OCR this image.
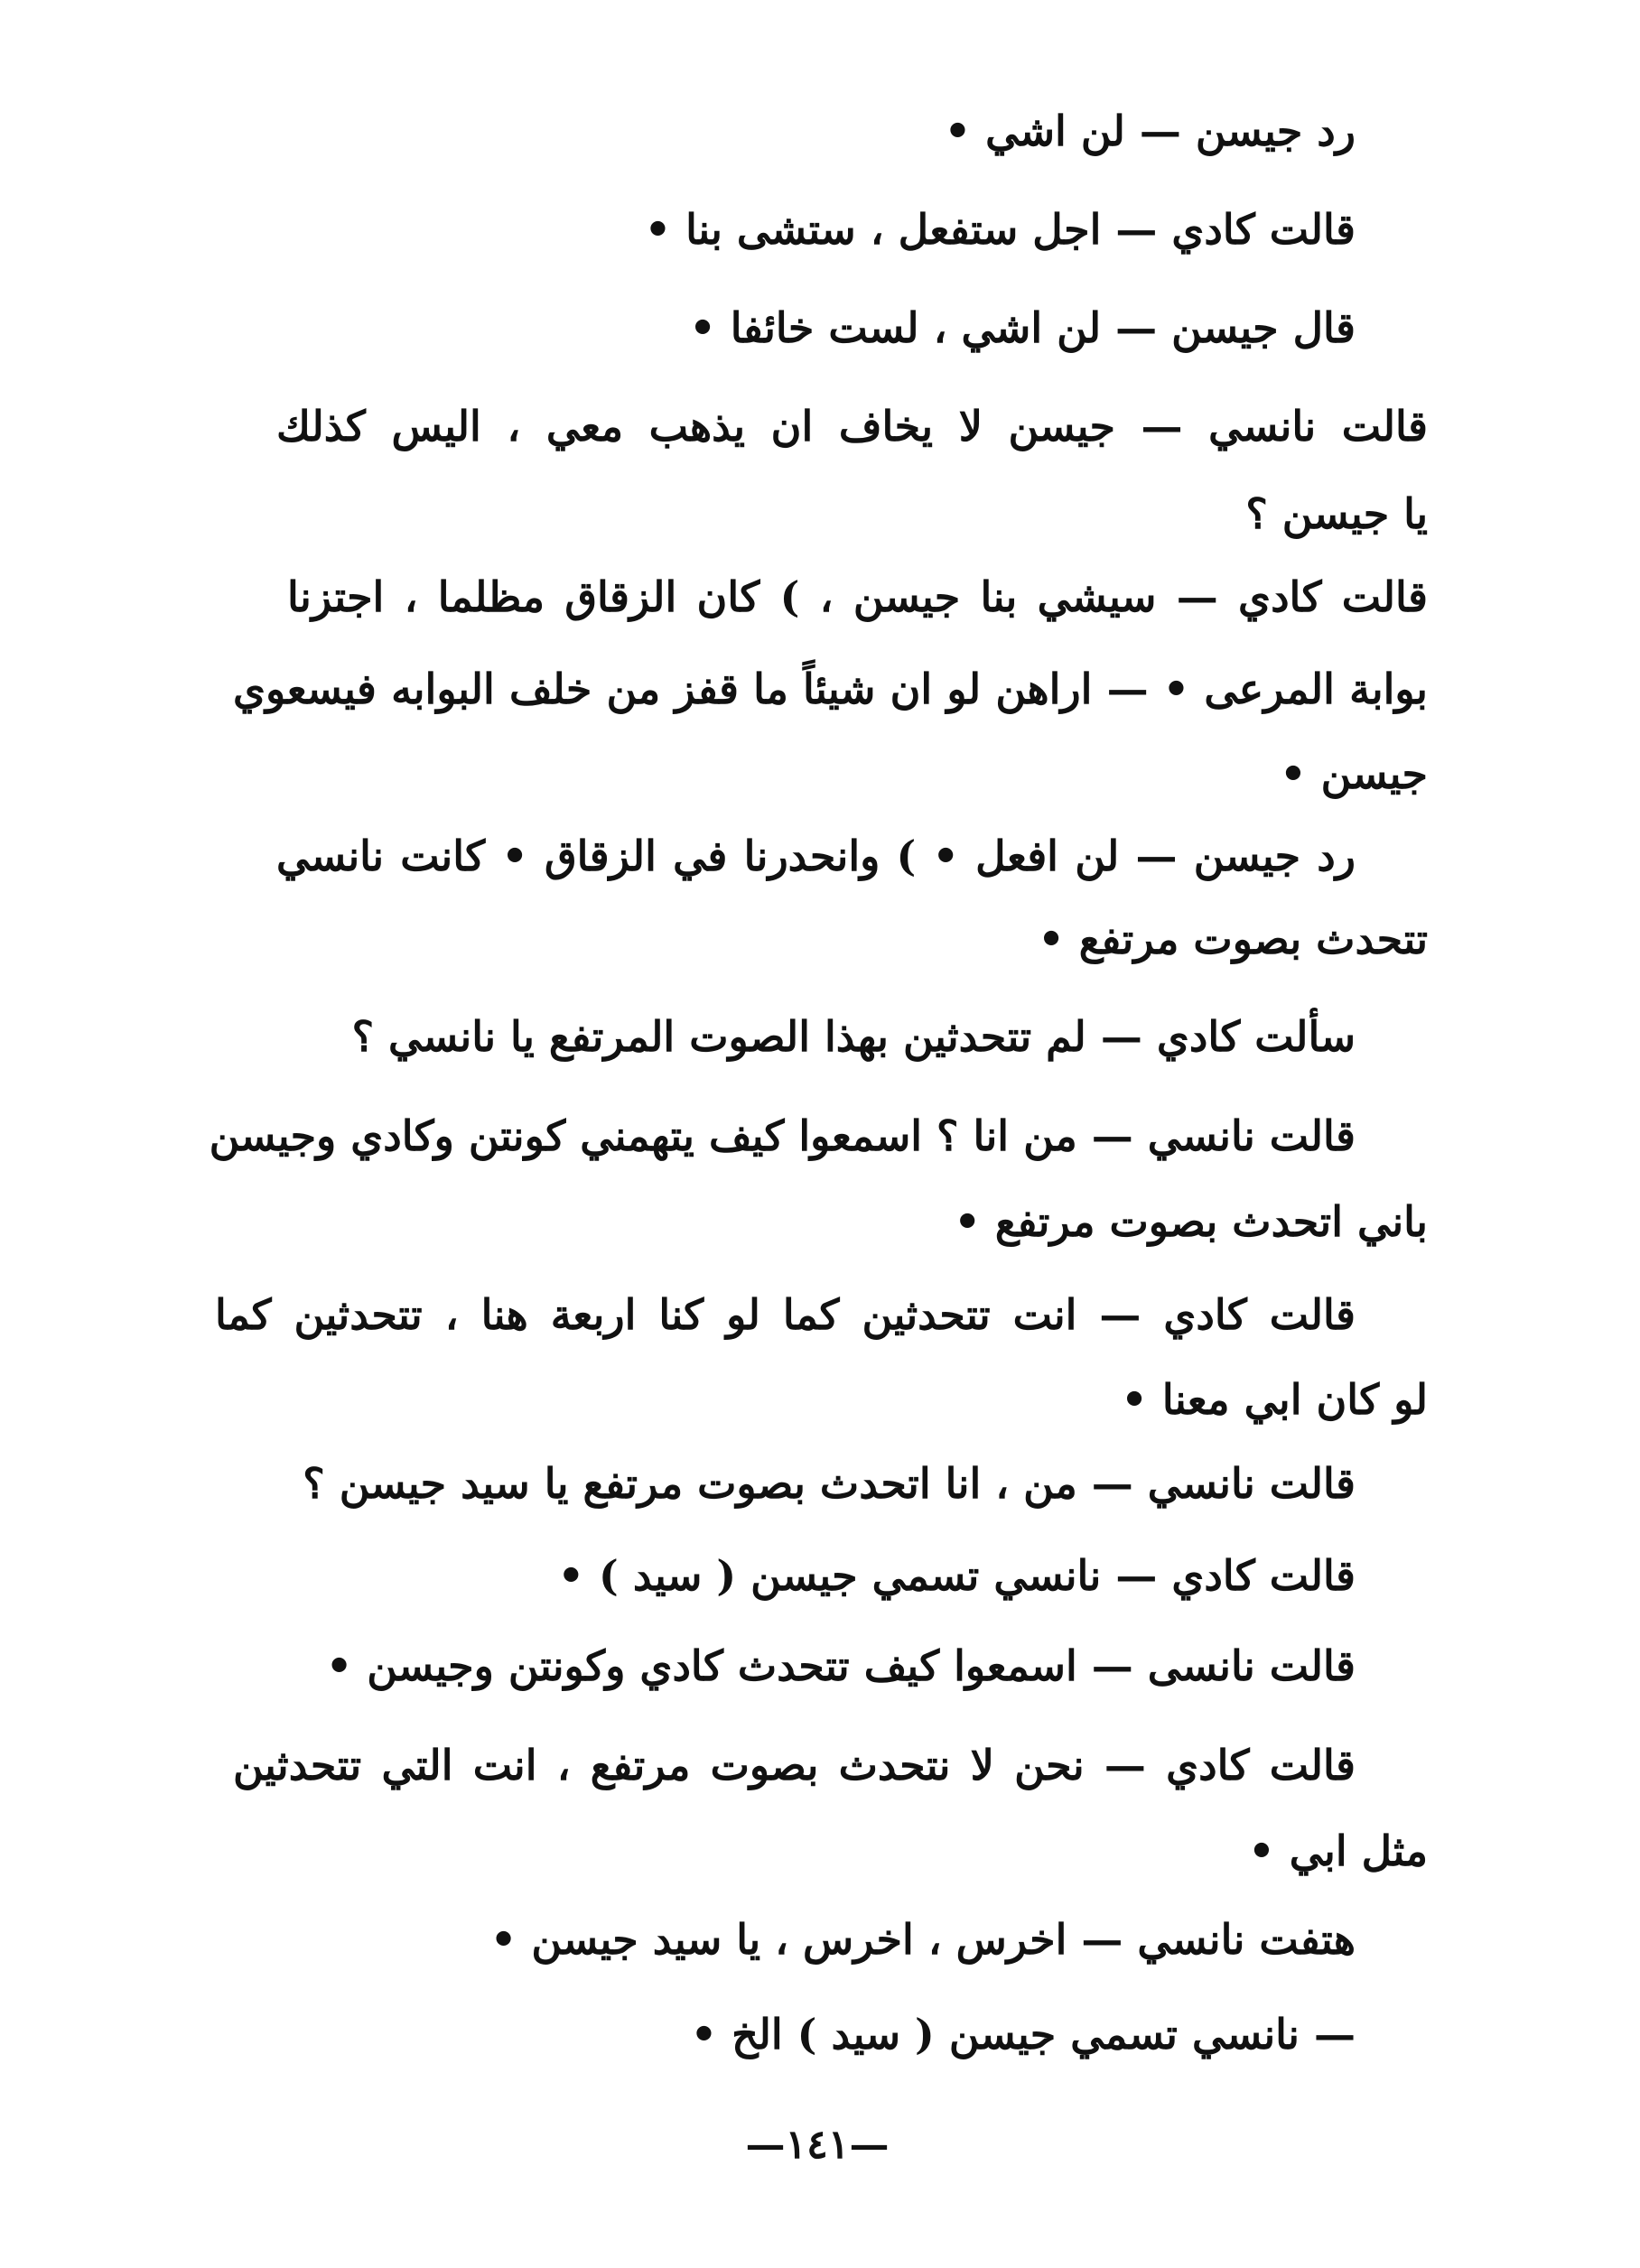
رد جيسن — لن اشي •
قالت كادي — اجل ستفعل ، ستشى بنا •
قال جيسن — لن اشي ، لست خائفا •
قالت نانسي — جيسن لا يخاف ان يذهب معي ، اليس كذلك
يا جيسن ؟
قالت كادي — سيشي بنا جيسن ، ) كان الزقاق مظلما ، اجتزنا
بوابة المرعى • — اراهن لو ان شيئاً ما قفز من خلف البوابه فيسعوي
جيسن •
رد جيسن — لن افعل • ) وانحدرنا في الزقاق • كانت نانسي
تتحدث بصوت مرتفع •
سألت كادي — لم تتحدثين بهذا الصوت المرتفع يا نانسي ؟
قالت نانسي — من انا ؟ اسمعوا كيف يتهمني كونتن وكادي وجيسن
باني اتحدث بصوت مرتفع •
قالت كادي — انت تتحدثين كما لو كنا اربعة هنا ، تتحدثين كما
لو كان ابي معنا •
قالت نانسي — من ، انا اتحدث بصوت مرتفع يا سيد جيسن ؟
قالت كادي — نانسي تسمي جيسن ( سيد ) •
قالت نانسى — اسمعوا كيف تتحدث كادي وكونتن وجيسن •
قالت كادي — نحن لا نتحدث بصوت مرتفع ، انت التي تتحدثين
مثل ابي •
هتفت نانسي — اخرس ، اخرس ، يا سيد جيسن •
— نانسي تسمي جيسن ( سيد ) الخ •
—١٤١—
